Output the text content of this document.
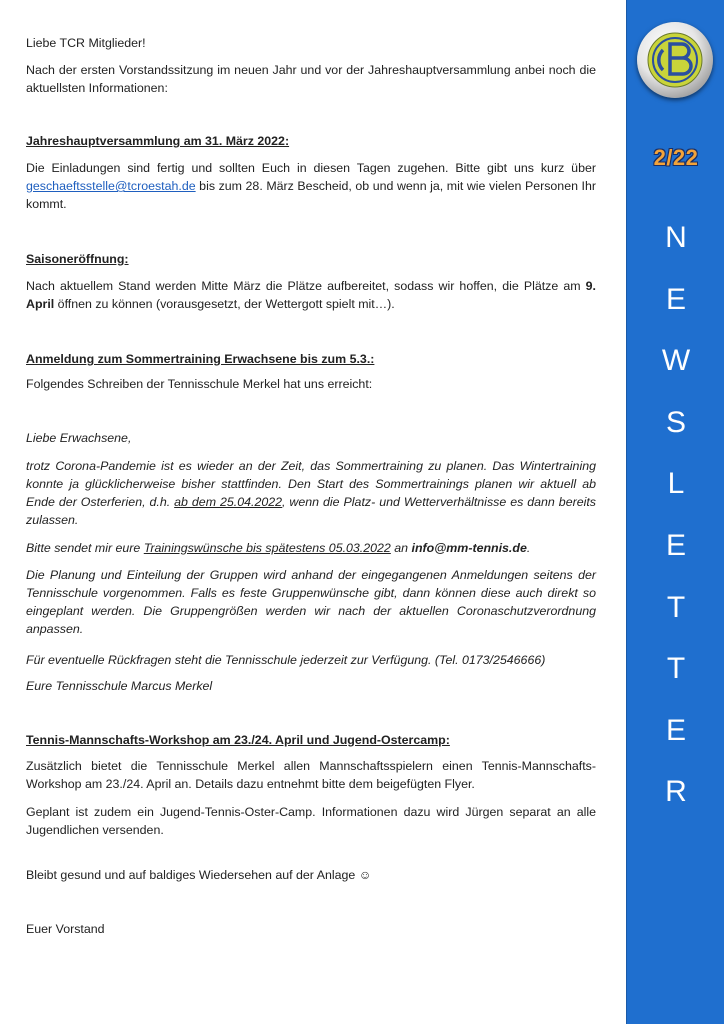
Liebe TCR Mitglieder!

Nach der ersten Vorstandssitzung im neuen Jahr und vor der Jahreshauptversammlung anbei noch die aktuellsten Informationen:

Jahreshauptversammlung am 31. März 2022:

Die Einladungen sind fertig und sollten Euch in diesen Tagen zugehen. Bitte gibt uns kurz über geschaeftsstelle@tcroestah.de bis zum 28. März Bescheid, ob und wenn ja, mit wie vielen Personen Ihr kommt.

Saisoneröffnung:

Nach aktuellem Stand werden Mitte März die Plätze aufbereitet, sodass wir hoffen, die Plätze am 9. April öffnen zu können (vorausgesetzt, der Wettergott spielt mit…).

Anmeldung zum Sommertraining Erwachsene bis zum 5.3.:

Folgendes Schreiben der Tennisschule Merkel hat uns erreicht:

Liebe Erwachsene,

trotz Corona-Pandemie ist es wieder an der Zeit, das Sommertraining zu planen. Das Wintertraining konnte ja glücklicherweise bisher stattfinden. Den Start des Sommertrainings planen wir aktuell ab Ende der Osterferien, d.h. ab dem 25.04.2022, wenn die Platz- und Wetterverhältnisse es dann bereits zulassen.

Bitte sendet mir eure Trainingswünsche bis spätestens 05.03.2022 an info@mm-tennis.de.

Die Planung und Einteilung der Gruppen wird anhand der eingegangenen Anmeldungen seitens der Tennisschule vorgenommen. Falls es feste Gruppenwünsche gibt, dann können diese auch direkt so eingeplant werden. Die Gruppengrößen werden wir nach der aktuellen Coronaschutzverordnung anpassen.

Für eventuelle Rückfragen steht die Tennisschule jederzeit zur Verfügung. (Tel. 0173/2546666)

Eure Tennisschule Marcus Merkel

Tennis-Mannschafts-Workshop am 23./24. April und Jugend-Ostercamp:

Zusätzlich bietet die Tennisschule Merkel allen Mannschaftsspielern einen Tennis-Mannschafts-Workshop am 23./24. April an. Details dazu entnehmt bitte dem beigefügten Flyer.

Geplant ist zudem ein Jugend-Tennis-Oster-Camp. Informationen dazu wird Jürgen separat an alle Jugendlichen versenden.

Bleibt gesund und auf baldiges Wiedersehen auf der Anlage ☺

Euer Vorstand

2/22
N
E
W
S
L
E
T
T
E
R
